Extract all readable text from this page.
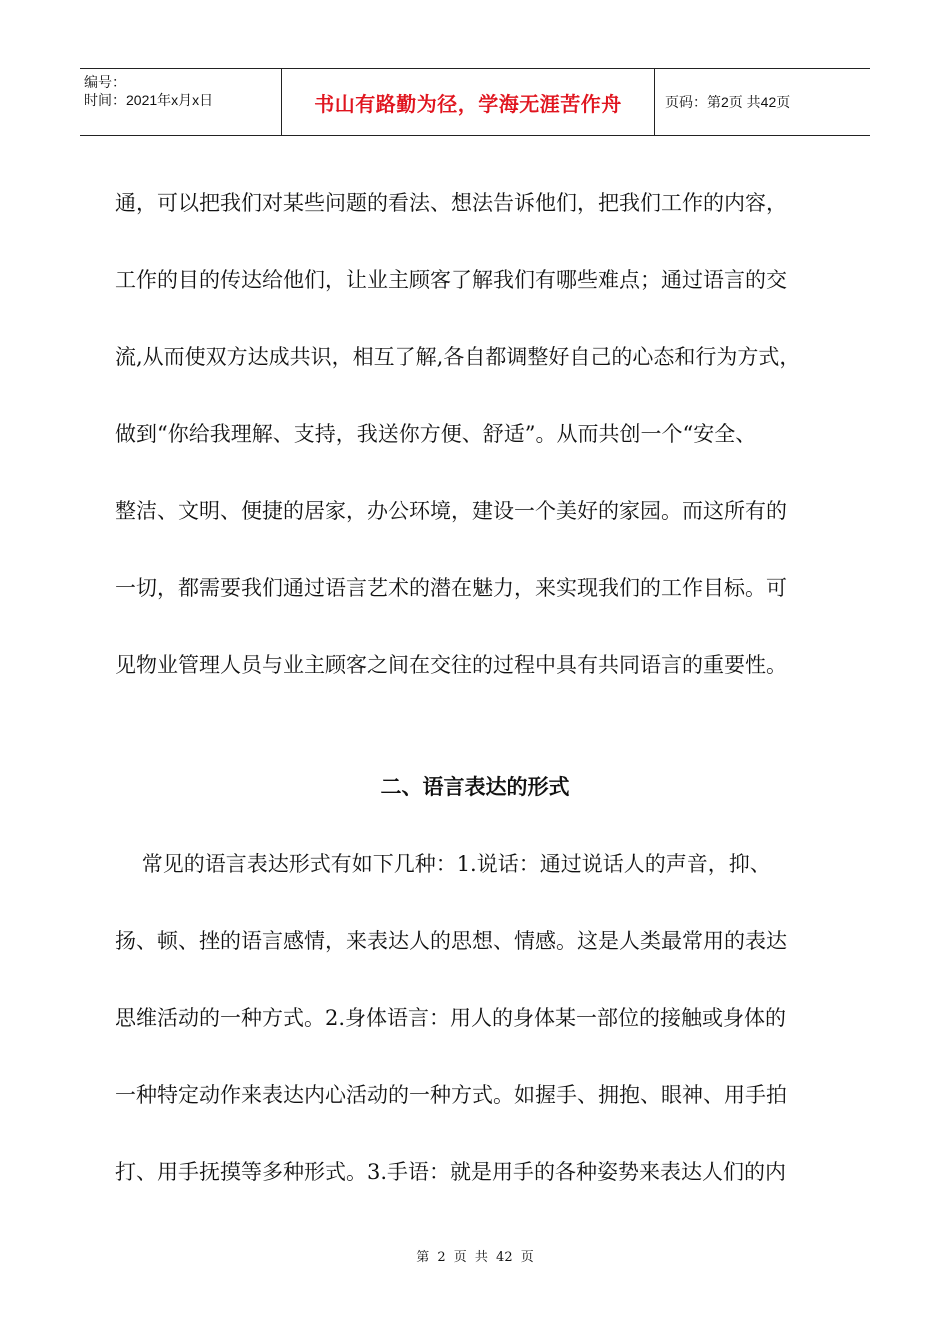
编号：
时间：2021年x月x日	书山有路勤为径，学海无涯苦作舟	页码：第2页 共42页

通，可以把我们对某些问题的看法、想法告诉他们，把我们工作的内容，

工作的目的传达给他们，让业主顾客了解我们有哪些难点；通过语言的交

流,从而使双方达成共识，相互了解,各自都调整好自己的心态和行为方式，

做到“你给我理解、支持，我送你方便、舒适”。从而共创一个“安全、

整洁、文明、便捷的居家，办公环境，建设一个美好的家园。而这所有的

一切，都需要我们通过语言艺术的潜在魅力，来实现我们的工作目标。可

见物业管理人员与业主顾客之间在交往的过程中具有共同语言的重要性。

二、语言表达的形式

常见的语言表达形式有如下几种：1.说话：通过说话人的声音，抑、

扬、顿、挫的语言感情，来表达人的思想、情感。这是人类最常用的表达

思维活动的一种方式。2.身体语言：用人的身体某一部位的接触或身体的

一种特定动作来表达内心活动的一种方式。如握手、拥抱、眼神、用手拍

打、用手抚摸等多种形式。3.手语：就是用手的各种姿势来表达人们的内

第 2 页 共 42 页
